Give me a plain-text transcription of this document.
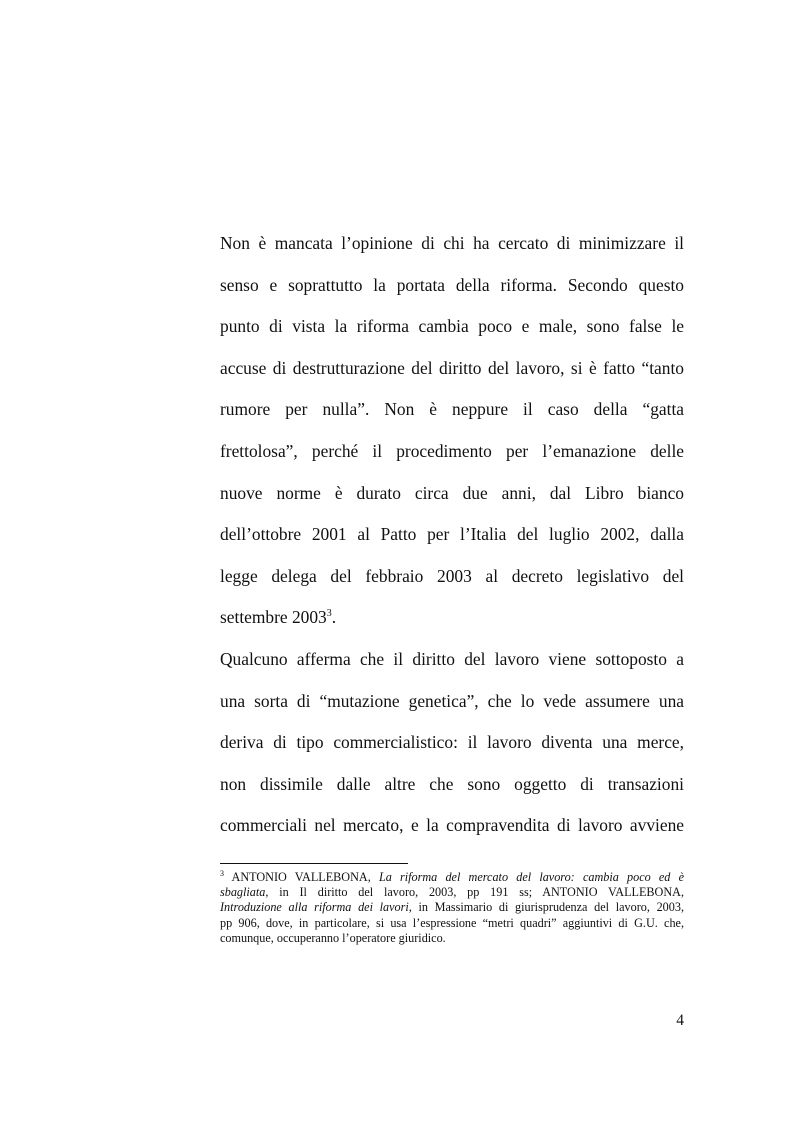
Non è mancata l’opinione di chi ha cercato di minimizzare il
senso e soprattutto la portata della riforma. Secondo questo
punto di vista la riforma cambia poco e male, sono false le
accuse di destrutturazione del diritto del lavoro, si è fatto “tanto
rumore per nulla”. Non è neppure il caso della “gatta
frettolosa”, perché il procedimento per l’emanazione delle
nuove norme è durato circa due anni, dal Libro bianco
dell’ottobre 2001 al Patto per l’Italia del luglio 2002, dalla
legge delega del febbraio 2003 al decreto legislativo del
settembre 2003$^3$.
Qualcuno afferma che il diritto del lavoro viene sottoposto a
una sorta di “mutazione genetica”, che lo vede assumere una
deriva di tipo commercialistico: il lavoro diventa una merce,
non dissimile dalle altre che sono oggetto di transazioni
commerciali nel mercato, e la compravendita di lavoro avviene
$^3$ ANTONIO VALLEBONA, La riforma del mercato del lavoro: cambia poco ed è
sbagliata, in Il diritto del lavoro, 2003, pp 191 ss; ANTONIO VALLEBONA,
Introduzione alla riforma dei lavori, in Massimario di giurisprudenza del lavoro, 2003,
pp 906, dove, in particolare, si usa l’espressione “metri quadri” aggiuntivi di G.U. che,
comunque, occuperanno l’operatore giuridico.
4
